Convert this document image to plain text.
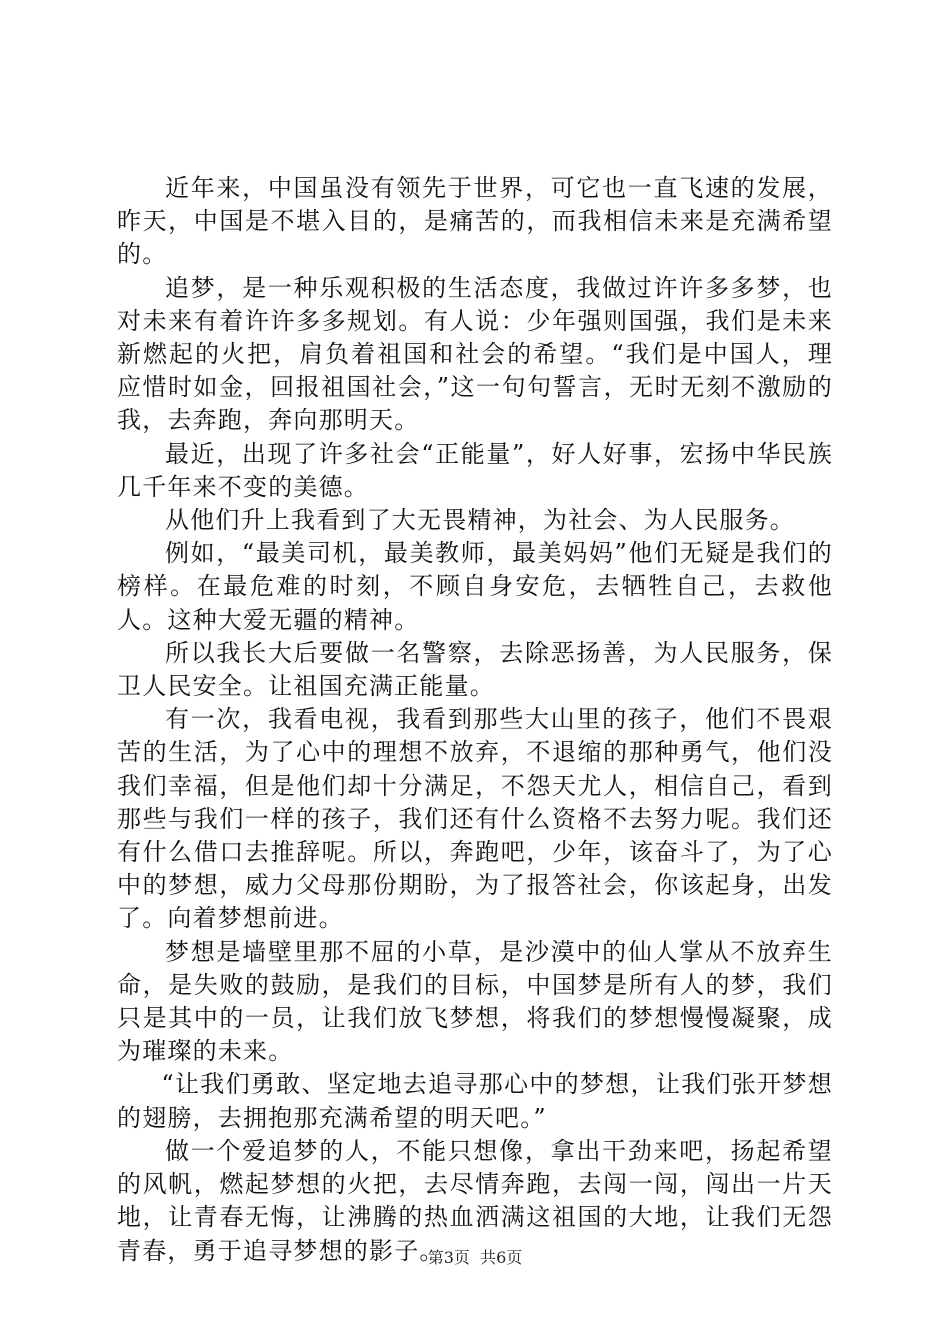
近年来，中国虽没有领先于世界，可它也一直飞速的发展，昨天，中国是不堪入目的，是痛苦的，而我相信未来是充满希望的。

追梦，是一种乐观积极的生活态度，我做过许许多多梦，也对未来有着许许多多规划。有人说：少年强则国强，我们是未来新燃起的火把，肩负着祖国和社会的希望。“我们是中国人，理应惜时如金，回报祖国社会，”这一句句誓言，无时无刻不激励的我，去奔跑，奔向那明天。

最近，出现了许多社会“正能量”，好人好事，宏扬中华民族几千年来不变的美德。

从他们升上我看到了大无畏精神，为社会、为人民服务。

例如，“最美司机，最美教师，最美妈妈”他们无疑是我们的榜样。在最危难的时刻，不顾自身安危，去牺牲自己，去救他人。这种大爱无疆的精神。

所以我长大后要做一名警察，去除恶扬善，为人民服务，保卫人民安全。让祖国充满正能量。

有一次，我看电视，我看到那些大山里的孩子，他们不畏艰苦的生活，为了心中的理想不放弃，不退缩的那种勇气，他们没我们幸福，但是他们却十分满足，不怨天尤人，相信自己，看到那些与我们一样的孩子，我们还有什么资格不去努力呢。我们还有什么借口去推辞呢。所以，奔跑吧，少年，该奋斗了，为了心中的梦想，威力父母那份期盼，为了报答社会，你该起身，出发了。向着梦想前进。

梦想是墙壁里那不屈的小草，是沙漠中的仙人掌从不放弃生命，是失败的鼓励，是我们的目标，中国梦是所有人的梦，我们只是其中的一员，让我们放飞梦想，将我们的梦想慢慢凝聚，成为璀璨的未来。

“让我们勇敢、坚定地去追寻那心中的梦想，让我们张开梦想的翅膀，去拥抱那充满希望的明天吧。”

做一个爱追梦的人，不能只想像，拿出干劲来吧，扬起希望的风帆，燃起梦想的火把，去尽情奔跑，去闯一闯，闯出一片天地，让青春无悔，让沸腾的热血洒满这祖国的大地，让我们无怨青春，勇于追寻梦想的影子。

第3页  共6页
